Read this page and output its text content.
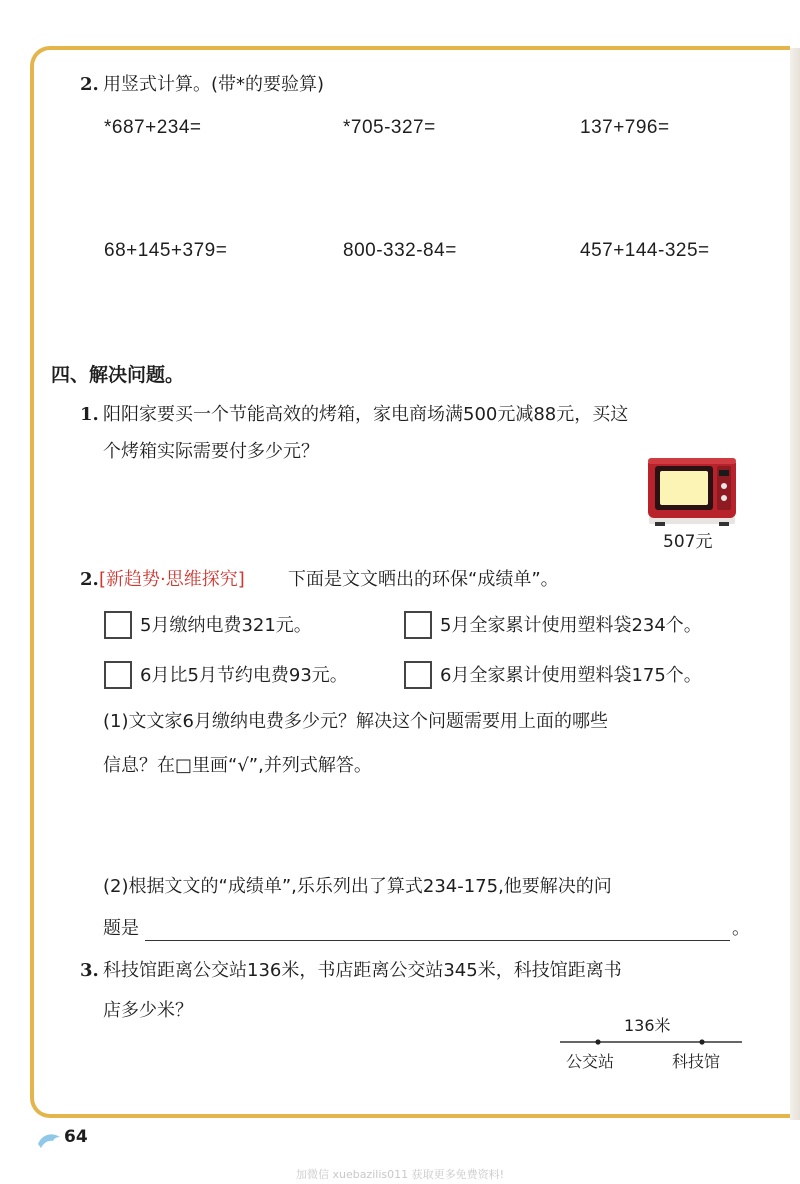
2. 用竖式计算。(带*的要验算)
*687+234=	*705-327=	137+796=
68+145+379=	800-332-84=	457+144-325=
四、解决问题。
1. 阳阳家要买一个节能高效的烤箱，家电商场满500元减88元，买这
个烤箱实际需要付多少元？
507元
2. [新趋势·思维探究] 下面是文文晒出的环保“成绩单”。
5月缴纳电费321元。	5月全家累计使用塑料袋234个。
6月比5月节约电费93元。	6月全家累计使用塑料袋175个。
(1)文文家6月缴纳电费多少元？解决这个问题需要用上面的哪些
信息？在□里画“√”,并列式解答。
(2)根据文文的“成绩单”,乐乐列出了算式234-175,他要解决的问
题是	。
3. 科技馆距离公交站136米，书店距离公交站345米，科技馆距离书
店多少米？
136米
公交站	科技馆
64
加微信 xuebazilis011 获取更多免费资料!
